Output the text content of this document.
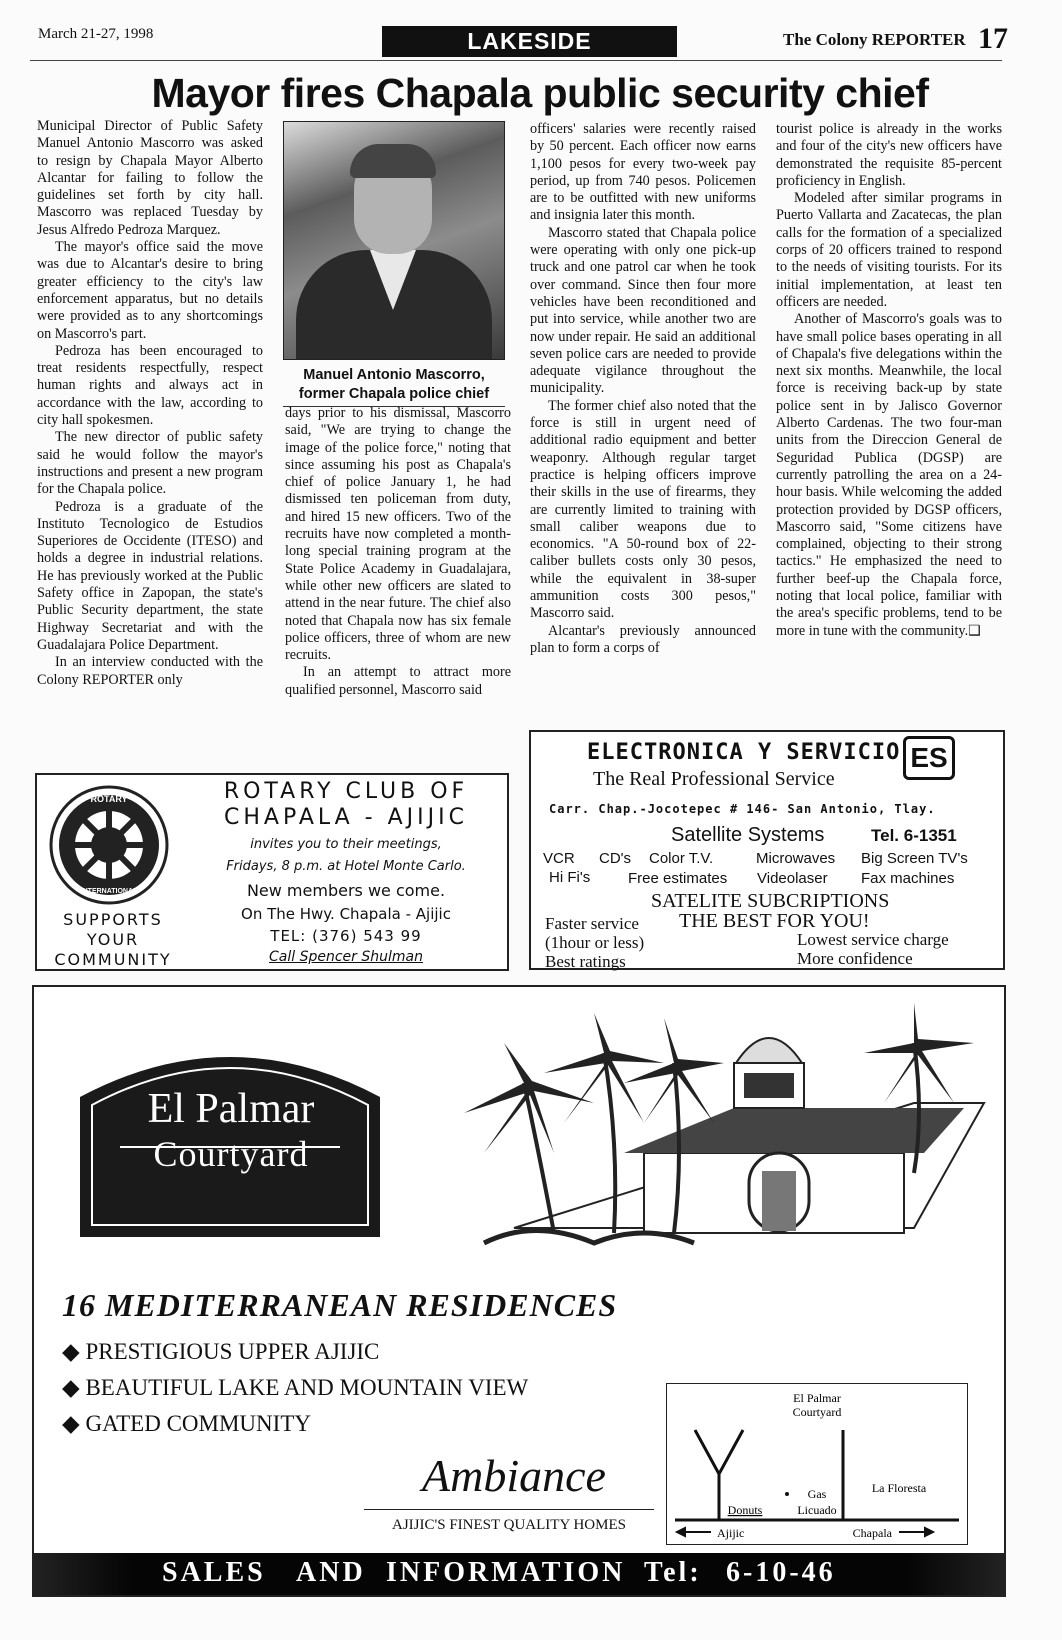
March 21-27, 1998	LAKESIDE	The Colony REPORTER 17
Mayor fires Chapala public security chief

Municipal Director of Public Safety Manuel Antonio Mascorro was asked to resign by Chapala Mayor Alberto Alcantar for failing to follow the guidelines set forth by city hall. Mascorro was replaced Tuesday by Jesus Alfredo Pedroza Marquez.

The mayor's office said the move was due to Alcantar's desire to bring greater efficiency to the city's law enforcement apparatus, but no details were provided as to any shortcomings on Mascorro's part.

Pedroza has been encouraged to treat residents respectfully, respect human rights and always act in accordance with the law, according to city hall spokesmen.

The new director of public safety said he would follow the mayor's instructions and present a new program for the Chapala police.

Pedroza is a graduate of the Instituto Tecnologico de Estudios Superiores de Occidente (ITESO) and holds a degree in industrial relations. He has previously worked at the Public Safety office in Zapopan, the state's Public Security department, the state Highway Secretariat and with the Guadalajara Police Department.

In an interview conducted with the Colony REPORTER only

Manuel Antonio Mascorro,
former Chapala police chief

days prior to his dismissal, Mascorro said, "We are trying to change the image of the police force," noting that since assuming his post as Chapala's chief of police January 1, he had dismissed ten policeman from duty, and hired 15 new officers. Two of the recruits have now completed a month-long special training program at the State Police Academy in Guadalajara, while other new officers are slated to attend in the near future. The chief also noted that Chapala now has six female police officers, three of whom are new recruits.

In an attempt to attract more qualified personnel, Mascorro said

officers' salaries were recently raised by 50 percent. Each officer now earns 1,100 pesos for every two-week pay period, up from 740 pesos. Policemen are to be outfitted with new uniforms and insignia later this month.

Mascorro stated that Chapala police were operating with only one pick-up truck and one patrol car when he took over command. Since then four more vehicles have been reconditioned and put into service, while another two are now under repair. He said an additional seven police cars are needed to provide adequate vigilance throughout the municipality.

The former chief also noted that the force is still in urgent need of additional radio equipment and better weaponry. Although regular target practice is helping officers improve their skills in the use of firearms, they are currently limited to training with small caliber weapons due to economics. "A 50-round box of 22-caliber bullets costs only 30 pesos, while the equivalent in 38-super ammunition costs 300 pesos," Mascorro said.

Alcantar's previously announced plan to form a corps of

tourist police is already in the works and four of the city's new officers have demonstrated the requisite 85-percent proficiency in English.

Modeled after similar programs in Puerto Vallarta and Zacatecas, the plan calls for the formation of a specialized corps of 20 officers trained to respond to the needs of visiting tourists. For its initial implementation, at least ten officers are needed.

Another of Mascorro's goals was to have small police bases operating in all of Chapala's five delegations within the next six months. Meanwhile, the local force is receiving back-up by state police sent in by Jalisco Governor Alberto Cardenas. The two four-man units from the Direccion General de Seguridad Publica (DGSP) are currently patrolling the area on a 24-hour basis. While welcoming the added protection provided by DGSP officers, Mascorro said, "Some citizens have complained, objecting to their strong tactics." He emphasized the need to further beef-up the Chapala force, noting that local police, familiar with the area's specific problems, tend to be more in tune with the community.❑

ROTARY
INTERNATIONAL
SUPPORTS
YOUR
COMMUNITY
ROTARY CLUB OF
CHAPALA - AJIJIC
invites you to their meetings,
Fridays, 8 p.m. at Hotel Monte Carlo.
New members we come.
On The Hwy. Chapala - Ajijic
TEL: (376) 543 99
Call Spencer Shulman
ELECTRONICA Y SERVICIO ES
The Real Professional Service
Carr. Chap.-Jocotepec # 146- San Antonio, Tlay.
Satellite Systems	Tel. 6-1351
VCR CD's Color T.V.	Microwaves Big Screen TV's
Hi Fi's	Free estimates Videolaser Fax machines
SATELITE SUBCRIPTIONS
THE BEST FOR YOU!
Faster service
(1hour or less)
Best ratings
Lowest service charge
More confidence
El Palmar
Courtyard
16 MEDITERRANEAN RESIDENCES
◆ PRESTIGIOUS UPPER AJIJIC
◆ BEAUTIFUL LAKE AND MOUNTAIN VIEW
◆ GATED COMMUNITY
Ambiance
AJIJIC'S FINEST QUALITY HOMES
El Palmar
Courtyard
Gas	La Floresta
Donuts	Licuado
Ajijic	Chapala
SALES AND INFORMATION Tel: 6-10-46
